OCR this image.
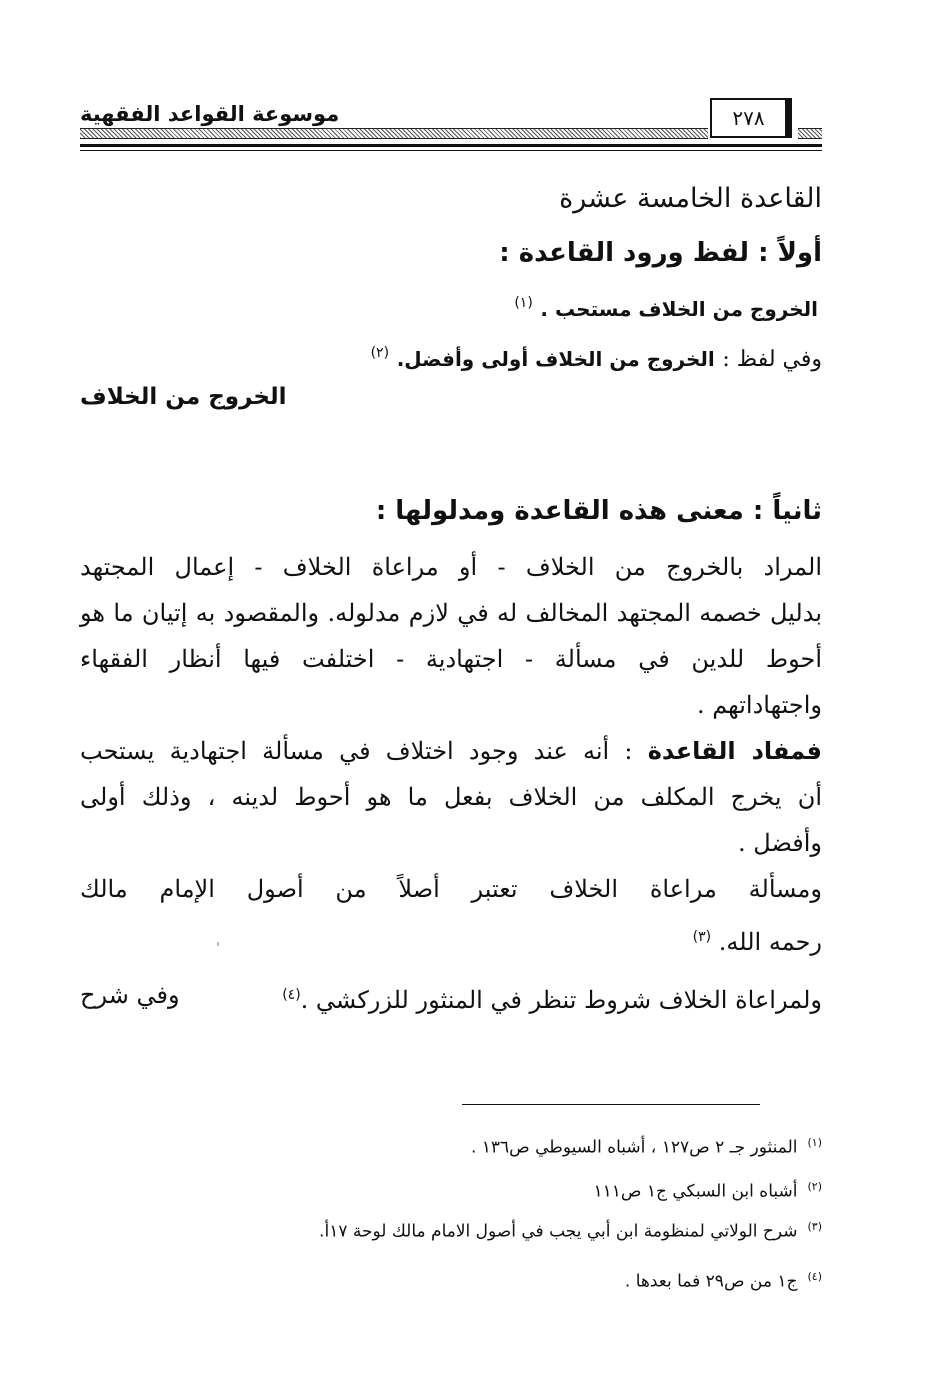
موسوعة القواعد الفقهية	٢٧٨
القاعدة الخامسة عشرة
أولاً : لفظ ورود القاعدة :
الخروج من الخلاف مستحب . $^{(١)}$
وفي لفظ : الخروج من الخلاف أولى وأفضل. $^{(٢)}$
الخروج من الخلاف
ثانياً : معنى هذه القاعدة ومدلولها :
المراد بالخروج من الخلاف - أو مراعاة الخلاف - إعمال المجتهد
بدليل خصمه المجتهد المخالف له في لازم مدلوله. والمقصود به إتيان ما هو
أحوط للدين في مسألة - اجتهادية - اختلفت فيها أنظار الفقهاء
واجتهاداتهم .
فمفاد القاعدة : أنه عند وجود اختلاف في مسألة اجتهادية يستحب
أن يخرج المكلف من الخلاف بفعل ما هو أحوط لدينه ، وذلك أولى
وأفضل .
ومسألة مراعاة الخلاف تعتبر أصلاً من أصول الإمام مالك
رحمه الله. $^{(٣)}$
ولمراعاة الخلاف شروط تنظر في المنثور للزركشي .$^{(٤)}$
وفي شرح
$^{(١)}$المنثور جـ ٢ ص١٢٧ ، أشباه السيوطي ص١٣٦ .
$^{(٢)}$أشباه ابن السبكي ج١ ص١١١
$^{(٣)}$شرح الولاتي لمنظومة ابن أبي يجب في أصول الامام مالك لوحة ١٧أ.
$^{(٤)}$ج١ من ص٢٩ فما بعدها .
